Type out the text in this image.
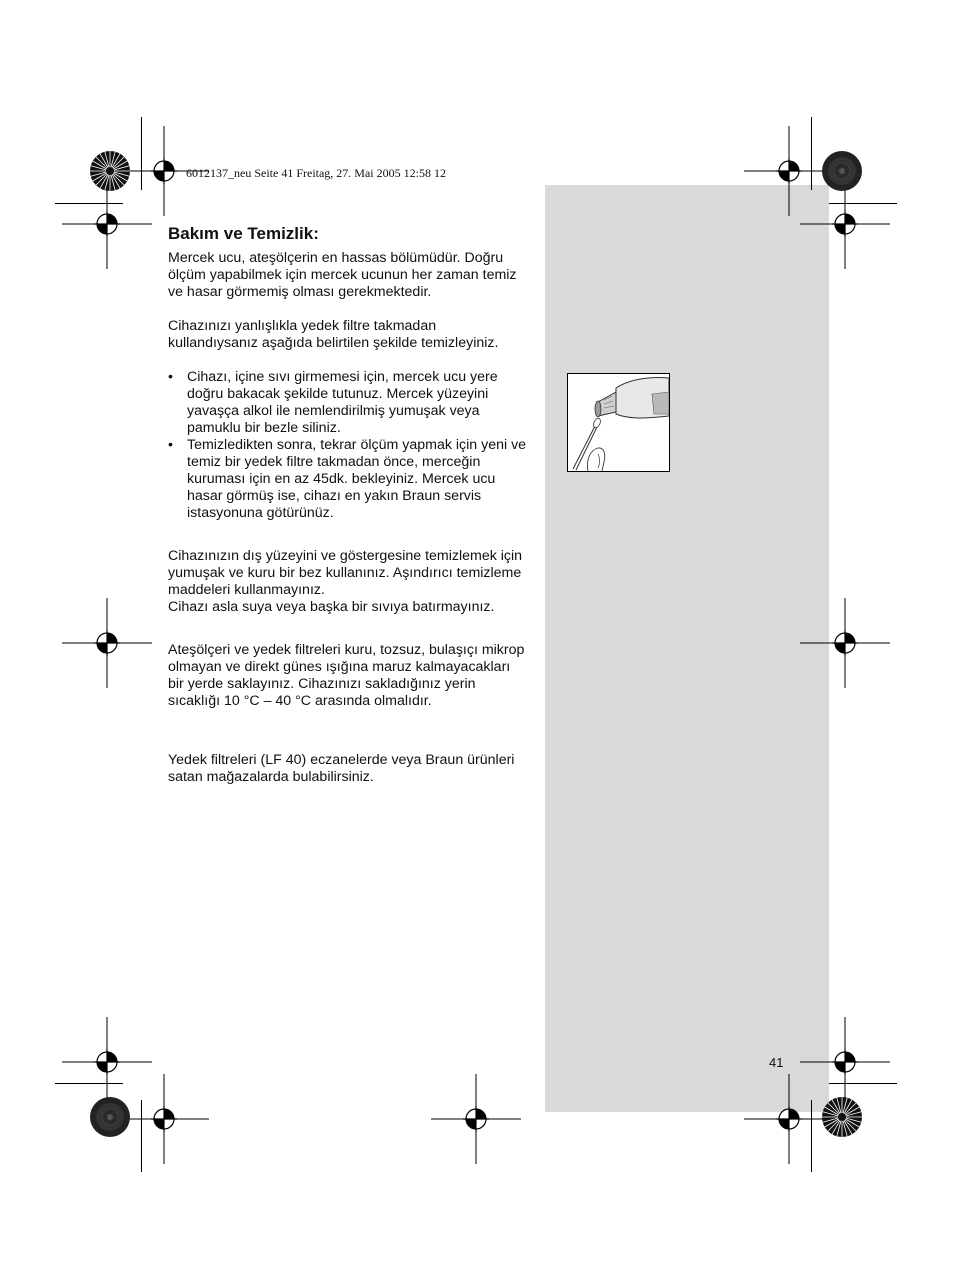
6012137_neu Seite 41 Freitag, 27. Mai 2005 12:58 12
Bakım ve Temizlik:

Mercek ucu, ateşölçerin en hassas bölümüdür. Doğru ölçüm yapabilmek için mercek ucunun her zaman temiz ve hasar görmemiş olması gerekmektedir.

Cihazınızı yanlışlıkla yedek filtre takmadan kullandıysanız aşağıda belirtilen şekilde temizleyiniz.

• Cihazı, içine sıvı girmemesi için, mercek ucu yere doğru bakacak şekilde tutunuz. Mercek yüzeyini yavaşça alkol ile nemlendirilmiş yumuşak veya pamuklu bir bezle siliniz.
• Temizledikten sonra, tekrar ölçüm yapmak için yeni ve temiz bir yedek filtre takmadan önce, merceğin kuruması için en az 45dk. bekleyiniz. Mercek ucu hasar görmüş ise, cihazı en yakın Braun servis istasyonuna götürünüz.

Cihazınızın dış yüzeyini ve göstergesine temizlemek için yumuşak ve kuru bir bez kullanınız. Aşındırıcı temizleme maddeleri kullanmayınız.

Cihazı asla suya veya başka bir sıvıya batırmayınız.

Ateşölçeri ve yedek filtreleri kuru, tozsuz, bulaşıçı mikrop olmayan ve direkt günes ışığına maruz kalmayacakları bir yerde saklayınız. Cihazınızı sakladığınız yerin sıcaklığı 10 °C – 40 °C arasında olmalıdır.

Yedek filtreleri (LF 40) eczanelerde veya Braun ürünleri satan mağazalarda bulabilirsiniz.

41
